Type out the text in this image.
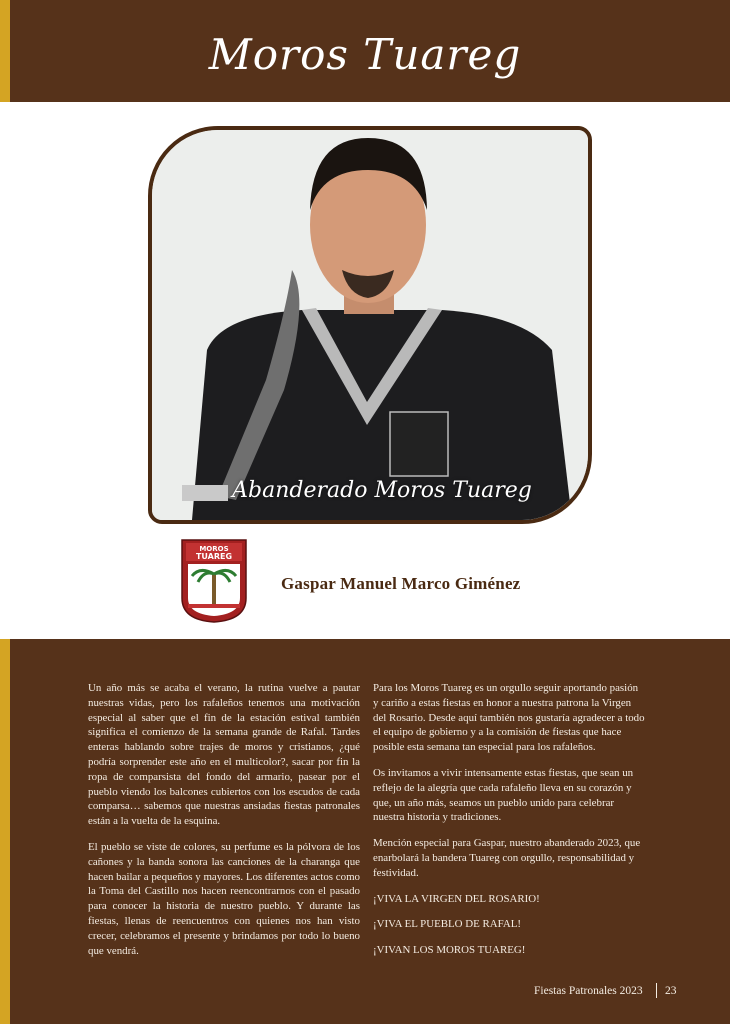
Moros Tuareg
Abanderado Moros Tuareg
MOROS
TUAREG
Gaspar Manuel Marco Giménez

Un año más se acaba el verano, la rutina vuelve a pautar nuestras vidas, pero los rafaleños tenemos una motivación especial al saber que el fin de la estación estival también significa el comienzo de la semana grande de Rafal. Tardes enteras hablando sobre trajes de moros y cristianos, ¿qué podría sorprender este año en el multicolor?, sacar por fin la ropa de comparsista del fondo del armario, pasear por el pueblo viendo los balcones cubiertos con los escudos de cada comparsa… sabemos que nuestras ansiadas fiestas patronales están a la vuelta de la esquina.

El pueblo se viste de colores, su perfume es la pólvora de los cañones y la banda sonora las canciones de la charanga que hacen bailar a pequeños y mayores. Los diferentes actos como la Toma del Castillo nos hacen reencontrarnos con el pasado para conocer la historia de nuestro pueblo. Y durante las fiestas, llenas de reencuentros con quienes nos han visto crecer, celebramos el presente y brindamos por todo lo bueno que vendrá.

Para los Moros Tuareg es un orgullo seguir aportando pasión y cariño a estas fiestas en honor a nuestra patrona la Virgen del Rosario. Desde aquí también nos gustaría agradecer a todo el equipo de gobierno y a la comisión de fiestas que hace posible esta semana tan especial para los rafaleños.

Os invitamos a vivir intensamente estas fiestas, que sean un reflejo de la alegría que cada rafaleño lleva en su corazón y que, un año más, seamos un pueblo unido para celebrar nuestra historia y tradiciones.

Mención especial para Gaspar, nuestro abanderado 2023, que enarbolará la bandera Tuareg con orgullo, responsabilidad y festividad.

¡VIVA LA VIRGEN DEL ROSARIO!

¡VIVA EL PUEBLO DE RAFAL!

¡VIVAN LOS MOROS TUAREG!

Fiestas Patronales 2023 23
